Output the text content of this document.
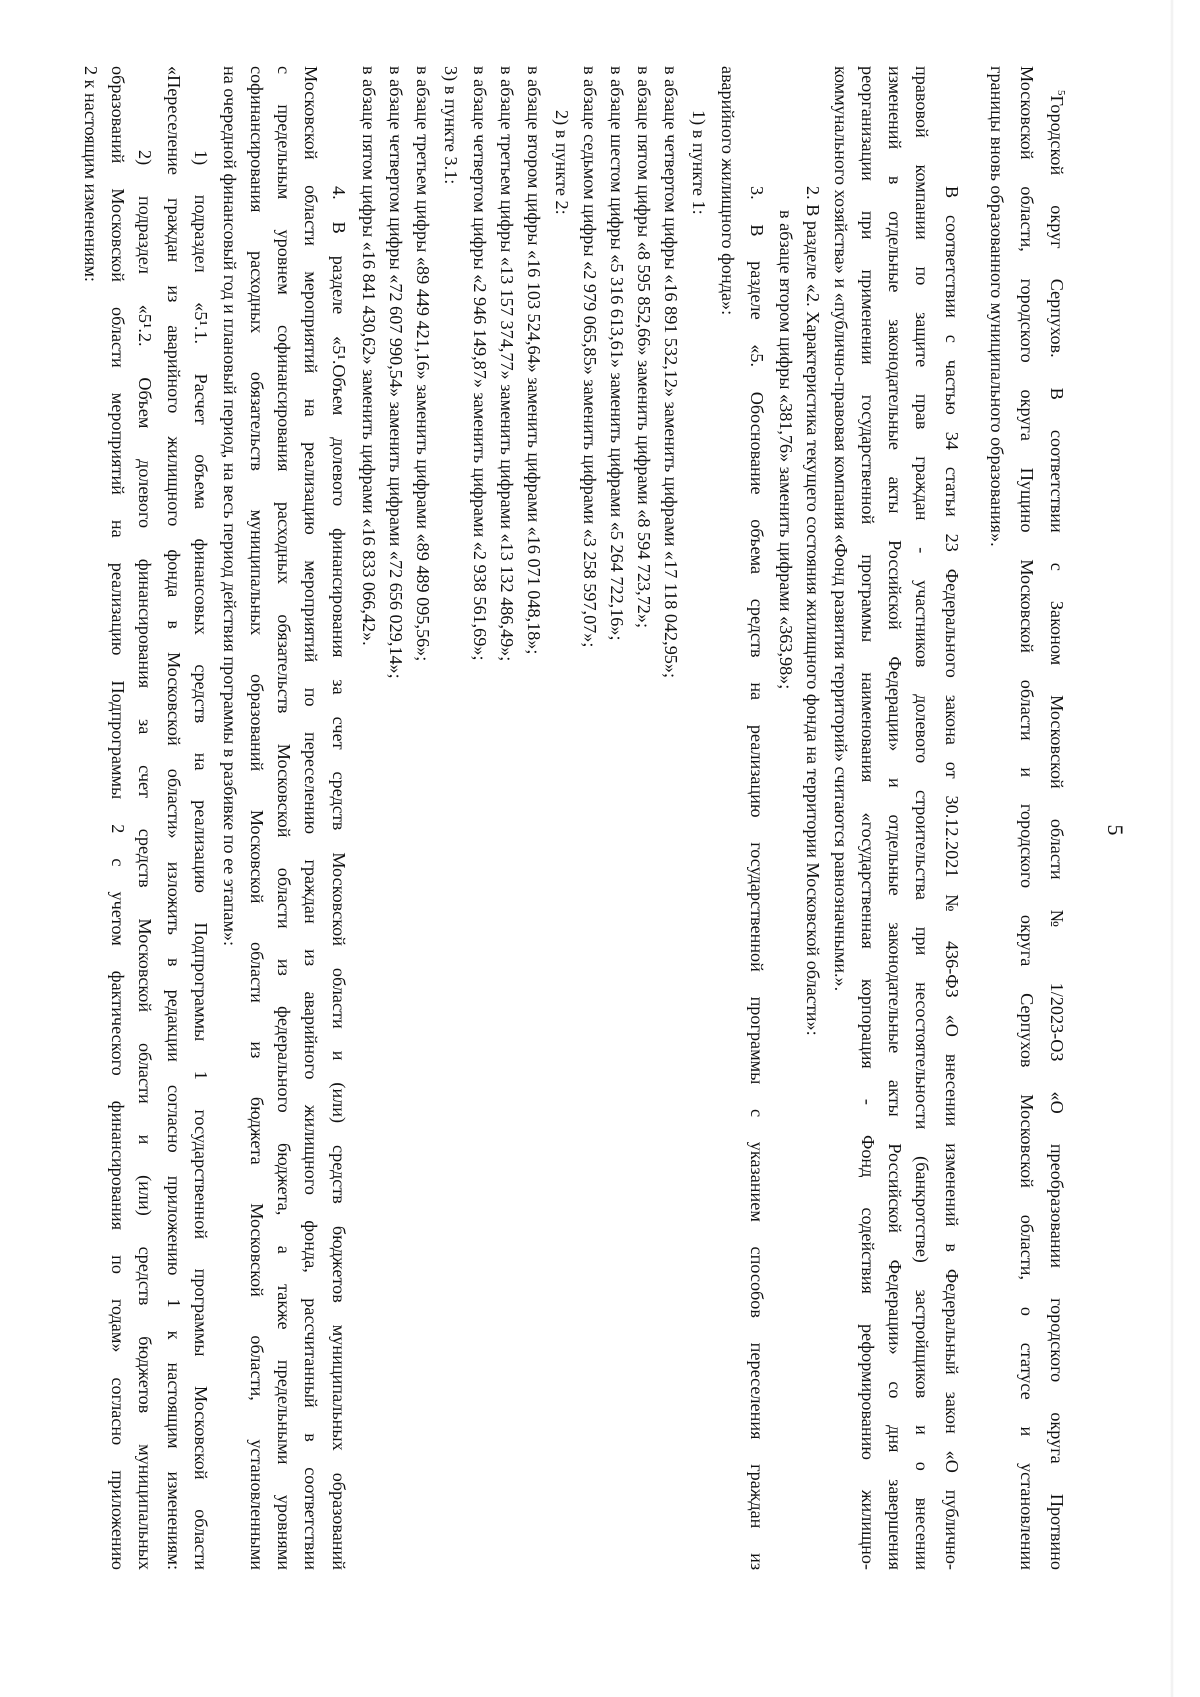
5
$^5$Городской округ Серпухов. В соответствии с Законом Московской области № 1/2023-ОЗ «О преобразовании городского округа Протвино
Московской области, городского округа Пущино Московской области и городского округа Серпухов Московской области, о статусе и установлении
границы вновь образованного муниципального образования».
В соответствии с частью 34 статьи 23 Федерального закона от 30.12.2021 № 436-ФЗ «О внесении изменений в Федеральный закон «О публично-
правовой компании по защите прав граждан - участников долевого строительства при несостоятельности (банкротстве) застройщиков и о внесении
изменений в отдельные законодательные акты Российской Федерации» и отдельные законодательные акты Российской Федерации» со дня завершения
реорганизации при применении государственной программы наименования «государственная корпорация - Фонд содействия реформированию жилищно-
коммунального хозяйства» и «публично-правовая компания «Фонд развития территорий» считаются равнозначными.».
2. В разделе «2. Характеристика текущего состояния жилищного фонда на территории Московской области»:
в абзаце втором цифры «381,76» заменить цифрами «363,98»;
3. В разделе «5. Обоснование объема средств на реализацию государственной программы с указанием способов переселения граждан из
аварийного жилищного фонда»:
1) в пункте 1:
в абзаце четвертом цифры «16 891 532,12» заменить цифрами «17 118 042,95»;
в абзаце пятом цифры «8 595 852,66» заменить цифрами «8 594 723,72»;
в абзаце шестом цифры «5 316 613,61» заменить цифрами «5 264 722,16»;
в абзаце седьмом цифры «2 979 065,85» заменить цифрами «3 258 597,07»;
2) в пункте 2:
в абзаце втором цифры «16 103 524,64» заменить цифрами «16 071 048,18»;
в абзаце третьем цифры «13 157 374,77» заменить цифрами «13 132 486,49»;
в абзаце четвертом цифры «2 946 149,87» заменить цифрами «2 938 561,69»;
3) в пункте 3.1:
в абзаце третьем цифры «89 449 421,16» заменить цифрами «89 489 095,56»;
в абзаце четвертом цифры «72 607 990,54» заменить цифрами «72 656 029,14»;
в абзаце пятом цифры «16 841 430,62» заменить цифрами «16 833 066,42».
4. В разделе «5¹.Объем долевого финансирования за счет средств Московской области и (или) средств бюджетов муниципальных образований
Московской области мероприятий на реализацию мероприятий по переселению граждан из аварийного жилищного фонда, рассчитанный в соответствии
с предельным уровнем софинансирования расходных обязательств Московской области из федерального бюджета, а также предельными уровнями
софинансирования расходных обязательств муниципальных образований Московской области из бюджета Московской области, установленными
на очередной финансовый год и плановый период, на весь период действия программы в разбивке по ее этапам»:
1) подраздел «5¹.1. Расчет объема финансовых средств на реализацию Подпрограммы 1 государственной программы Московской области
«Переселение граждан из аварийного жилищного фонда в Московской области» изложить в редакции согласно приложению 1 к настоящим изменениям:
2) подраздел «5¹.2. Объем долевого финансирования за счет средств Московской области и (или) средств бюджетов муниципальных
образований Московской области мероприятий на реализацию Подпрограммы 2 с учетом фактического финансирования по годам» согласно приложению
2 к настоящим изменениям:
